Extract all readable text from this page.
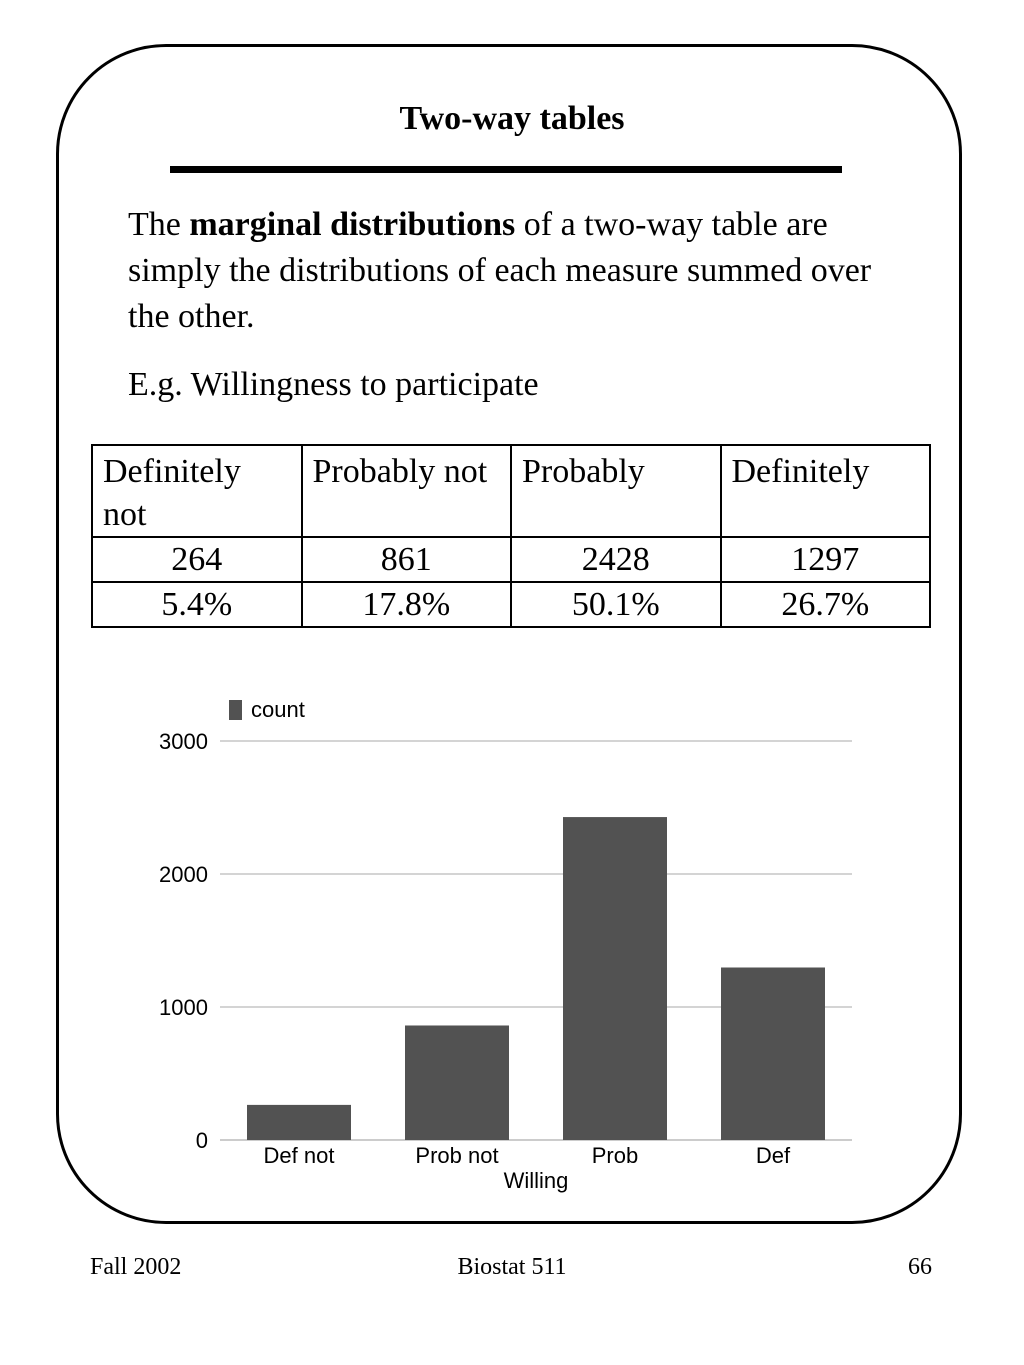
Two-way tables

The marginal distributions of a two-way table are simply the distributions of each measure summed over the other.

E.g. Willingness to participate

Definitely not	Probably not	Probably	Definitely
264	861	2428	1297
5.4%	17.8%	50.1%	26.7%
0
1000
2000
3000
Def not	Prob not	Prob	Def
Willing
count
Fall 2002	Biostat 511	66
